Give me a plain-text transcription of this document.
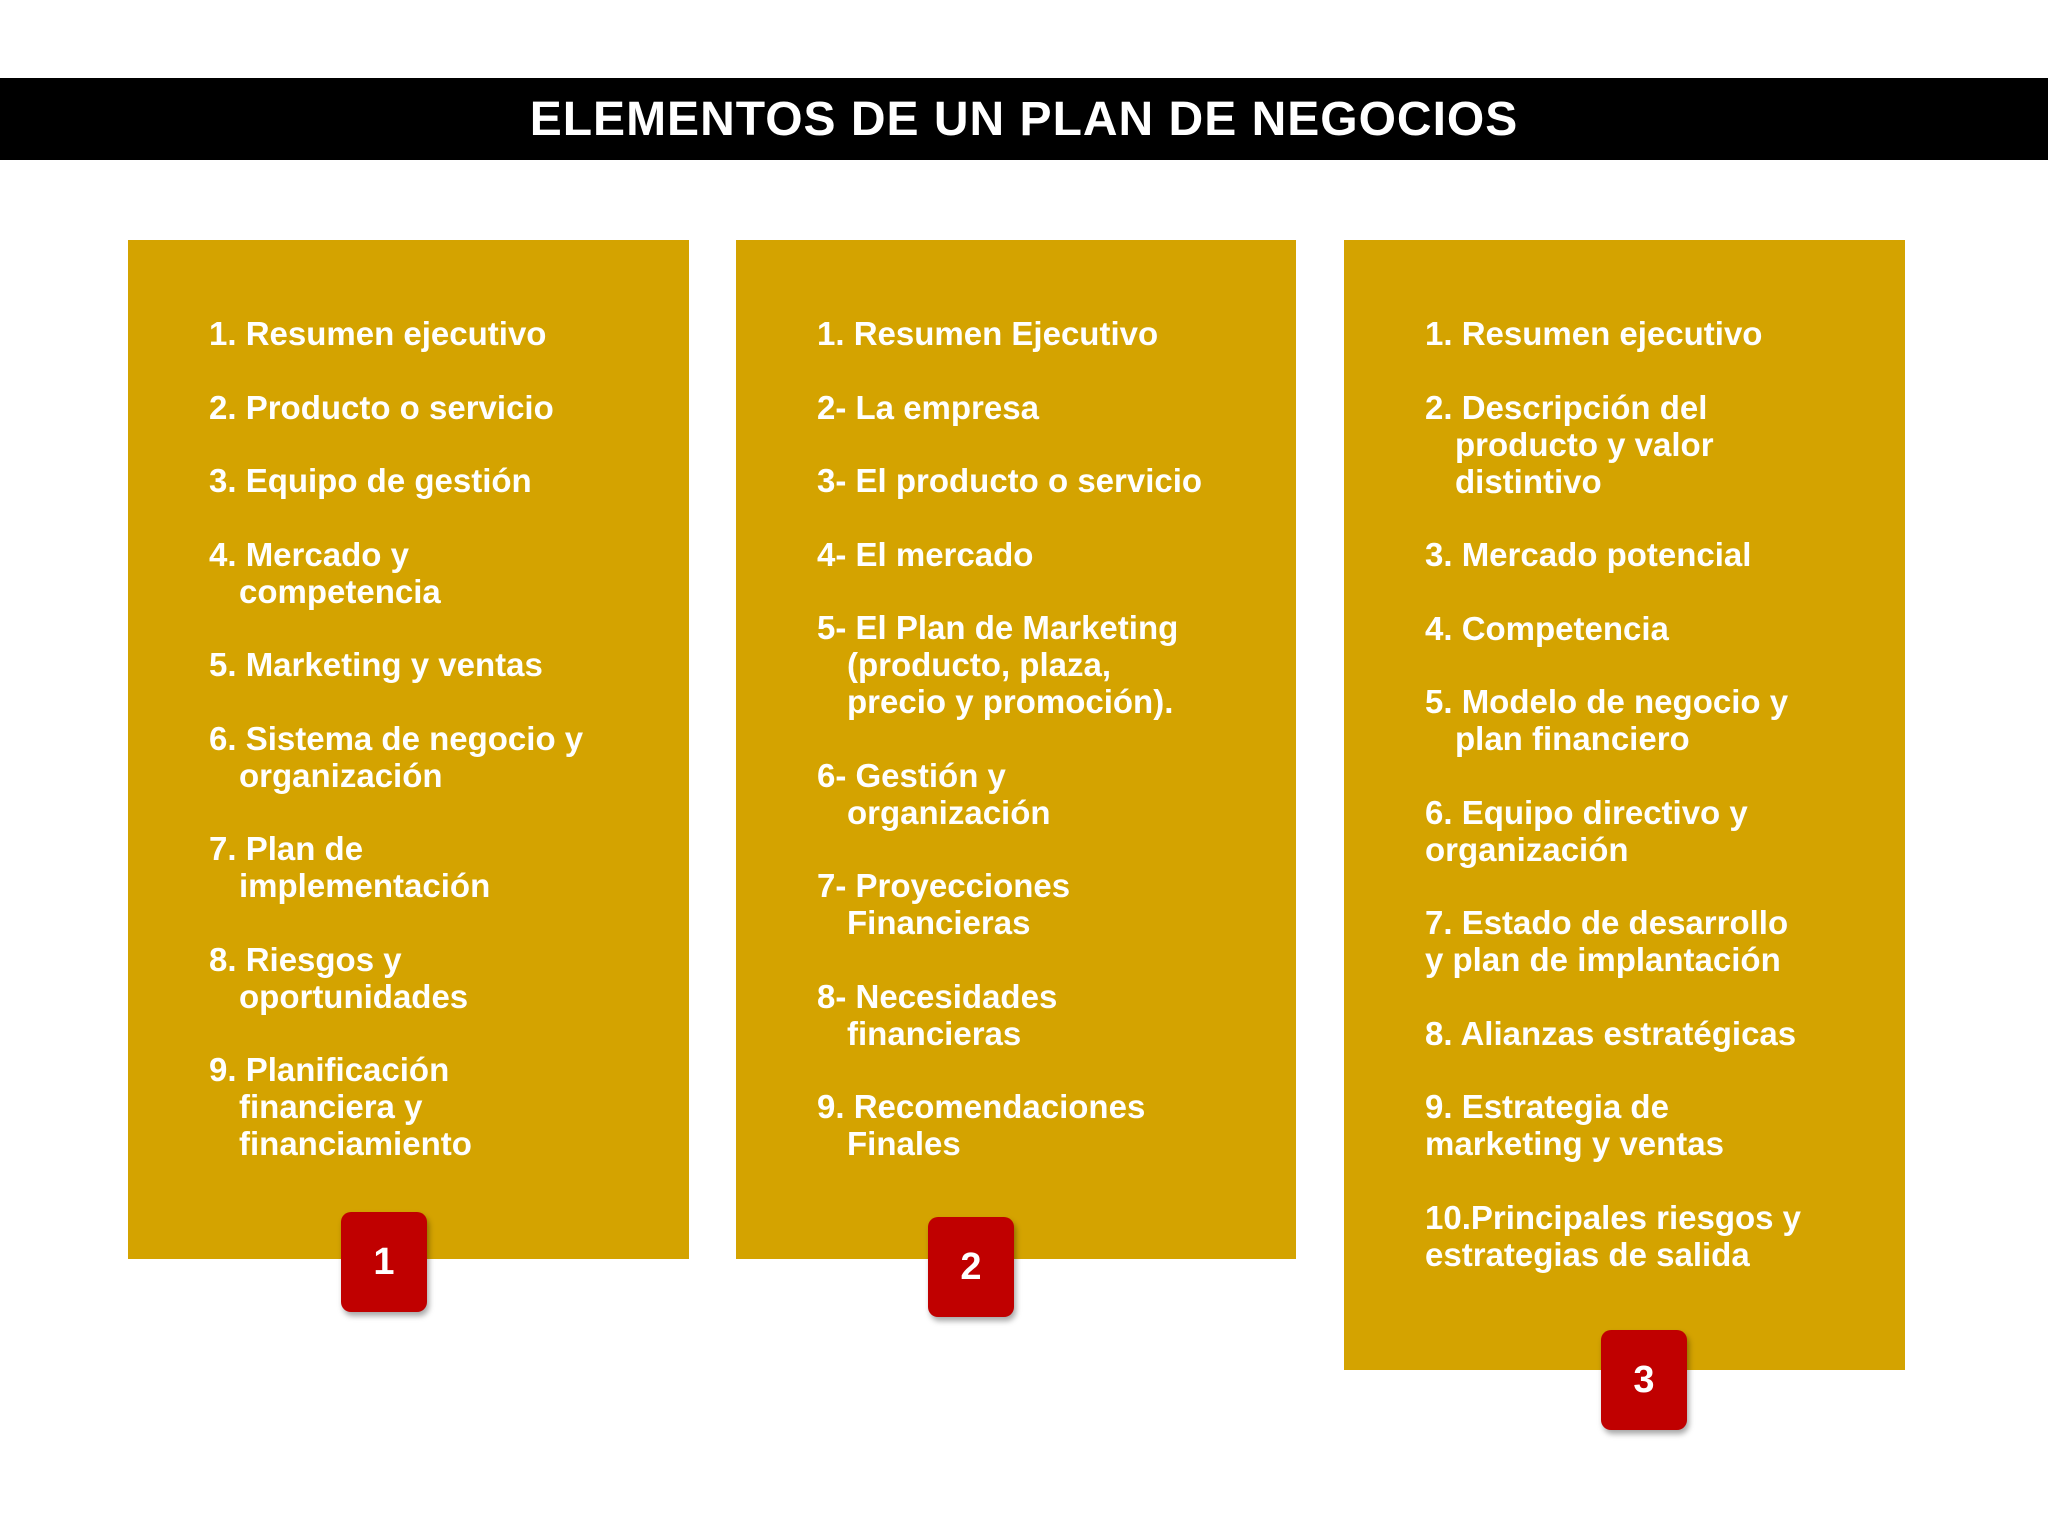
ELEMENTOS DE UN PLAN DE NEGOCIOS
1. Resumen ejecutivo
2. Producto o servicio
3. Equipo de gestión
4. Mercado y
competencia
5. Marketing y ventas
6. Sistema de negocio y
organización
7. Plan de
implementación
8. Riesgos y
oportunidades
9. Planificación
financiera y
financiamiento
1. Resumen Ejecutivo
2- La empresa
3- El producto o servicio
4- El mercado
5- El Plan de Marketing
(producto, plaza,
precio y promoción).
6- Gestión y
organización
7- Proyecciones
Financieras
8- Necesidades
financieras
9. Recomendaciones
Finales
1. Resumen ejecutivo
2. Descripción del
producto y valor
distintivo
3. Mercado potencial
4. Competencia
5. Modelo de negocio y
plan financiero
6. Equipo directivo y
organización
7. Estado de desarrollo
y plan de implantación
8. Alianzas estratégicas
9. Estrategia de
marketing y ventas
10.Principales riesgos y
estrategias de salida
1	2
3
